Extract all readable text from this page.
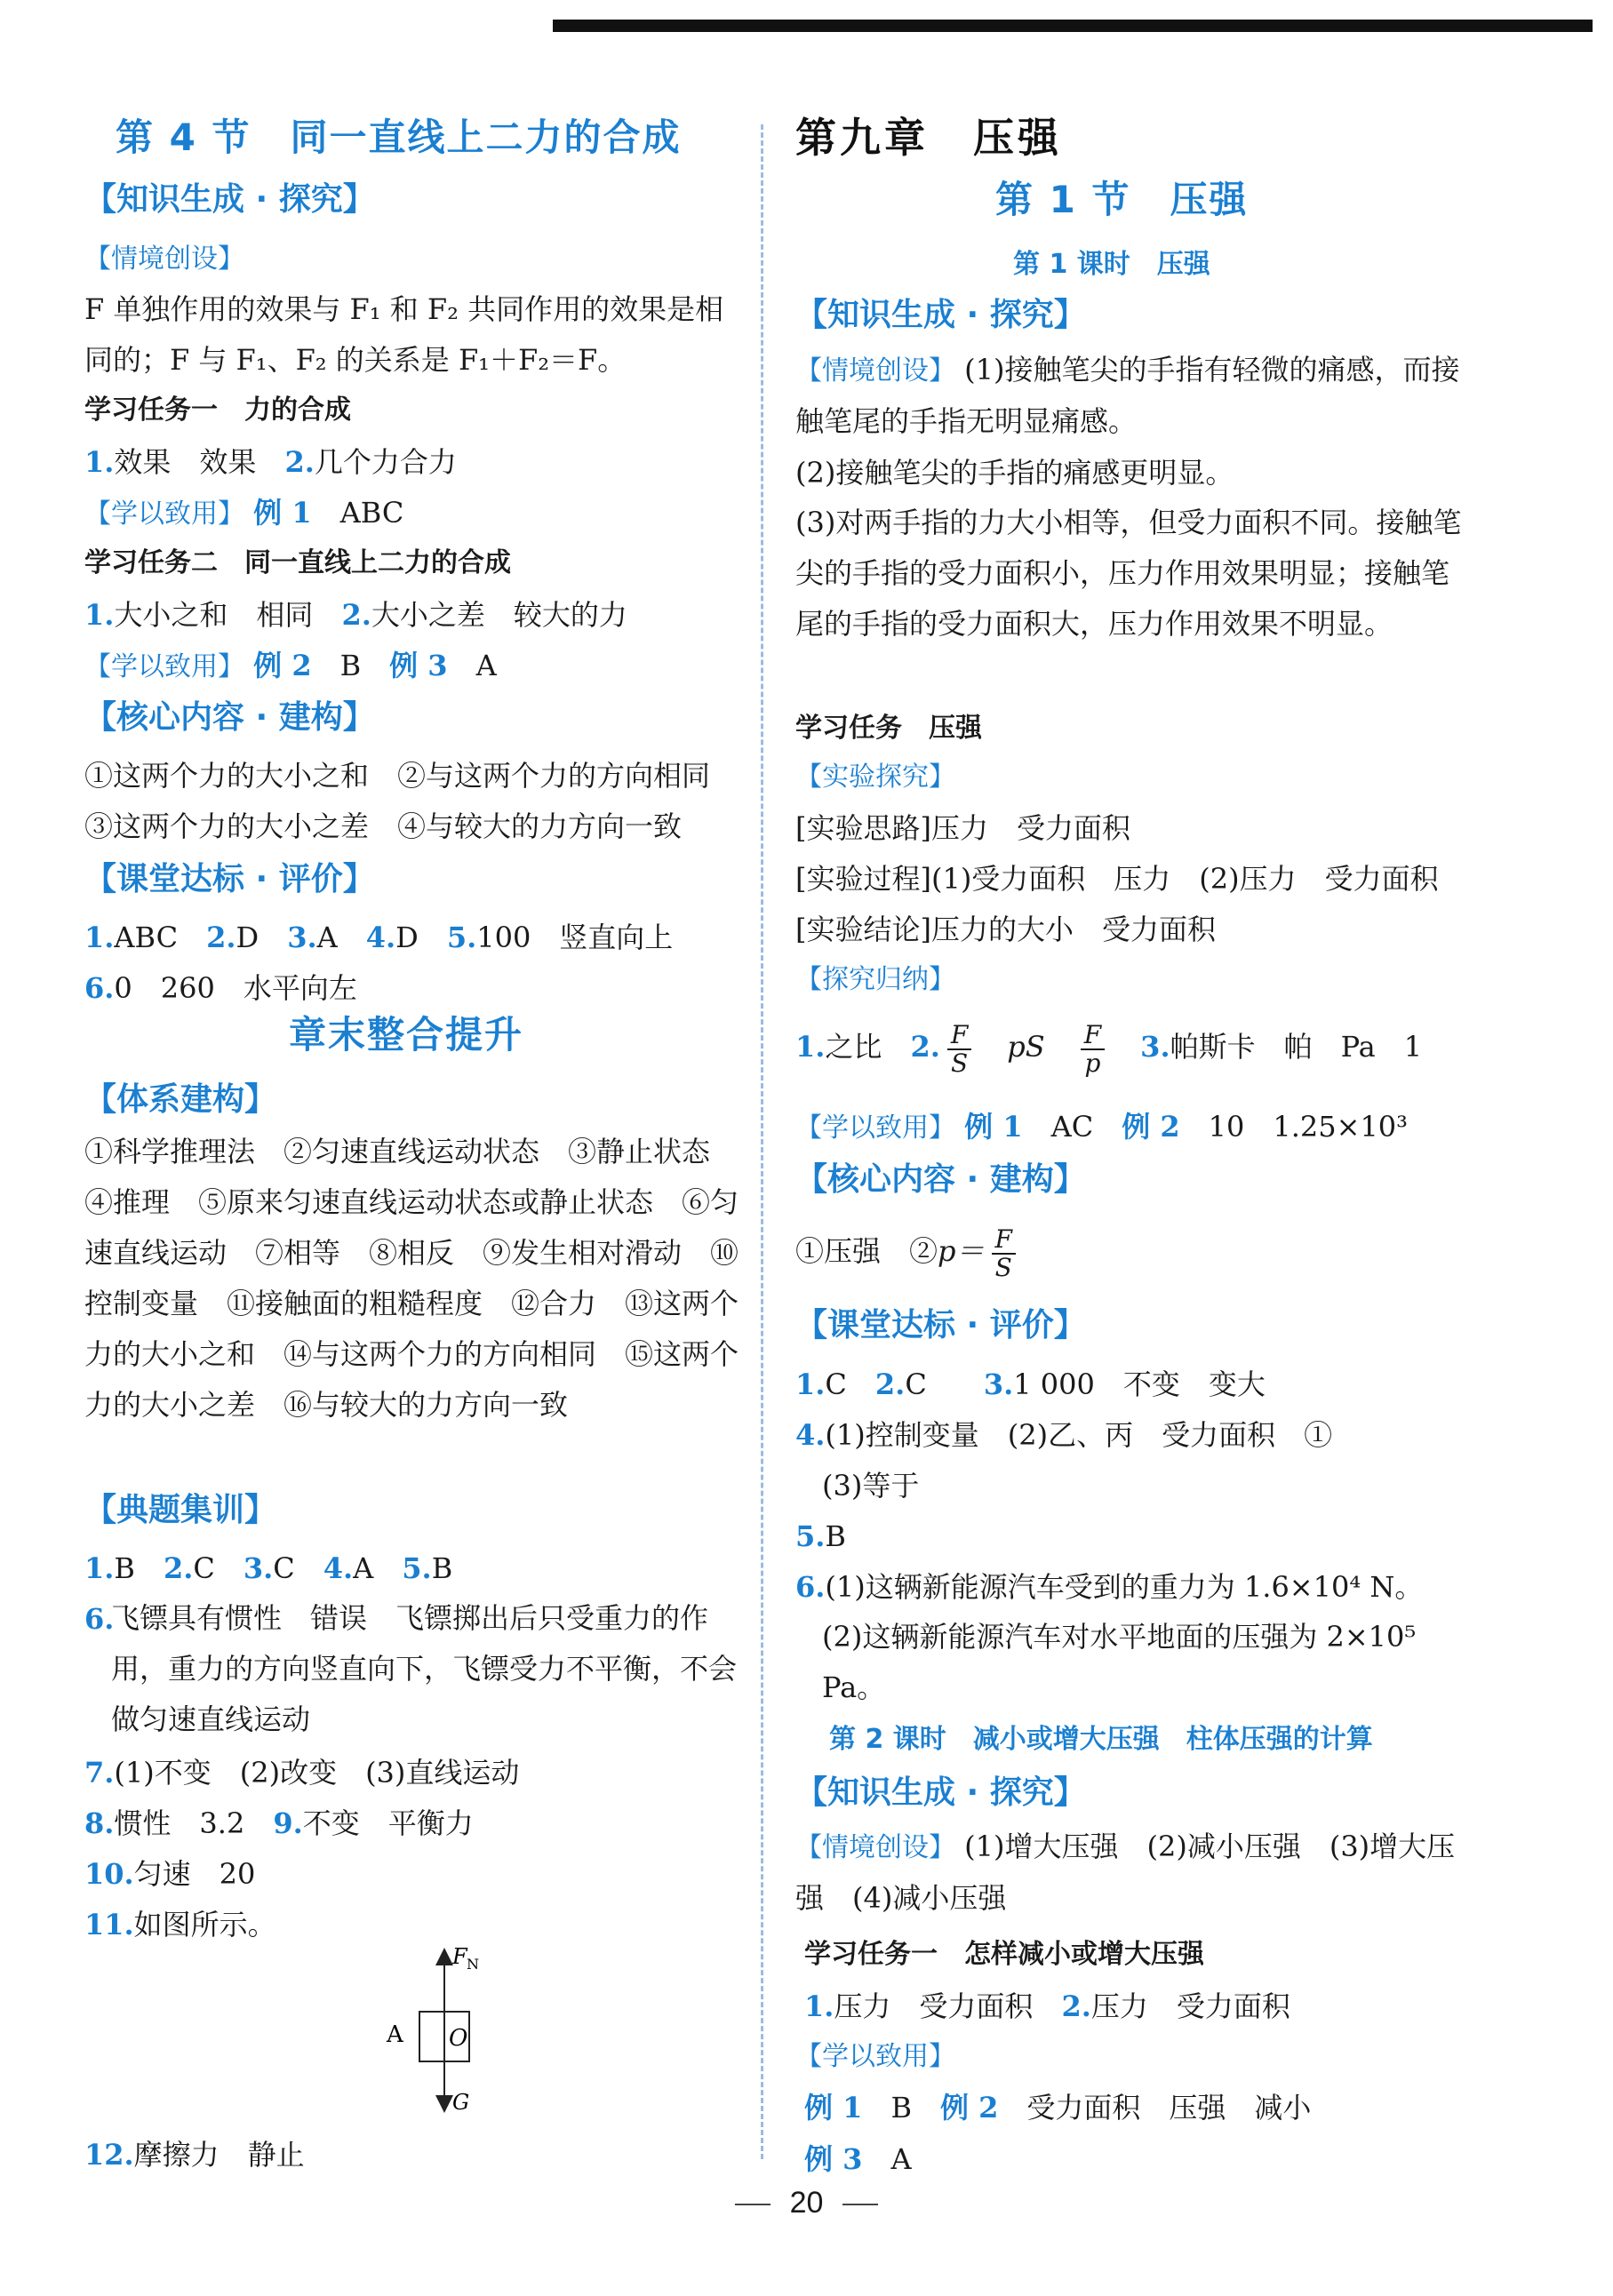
第 4 节　同一直线上二力的合成
【知识生成 · 探究】
【情境创设】
F 单独作用的效果与 F₁ 和 F₂ 共同作用的效果是相
同的；F 与 F₁、F₂ 的关系是 F₁＋F₂＝F。
学习任务一　力的合成
1.效果　效果　 2.几个力合力
【学以致用】 例 1　 ABC
学习任务二　同一直线上二力的合成
1.大小之和　相同　 2.大小之差　较大的力
【学以致用】 例 2　 B　 例 3　 A
【核心内容 · 建构】
①这两个力的大小之和　②与这两个力的方向相同
③这两个力的大小之差　④与较大的力方向一致
【课堂达标 · 评价】
1.ABC　 2.D　 3.A　 4.D　 5.100　竖直向上
6.0　260　水平向左
章末整合提升
【体系建构】
①科学推理法　②匀速直线运动状态　③静止状态　④推理　⑤原来匀速直线运动状态或静止状态　⑥匀速直线运动　⑦相等　⑧相反　⑨发生相对滑动　⑩控制变量　⑪接触面的粗糙程度　⑫合力　⑬这两个力的大小之和　⑭与这两个力的方向相同　⑮这两个力的大小之差　⑯与较大的力方向一致
【典题集训】
1.B　 2.C　 3.C　 4.A　 5.B
6.
飞镖具有惯性　错误　飞镖掷出后只受重力的作用，重力的方向竖直向下，飞镖受力不平衡，不会做匀速直线运动
7.(1)不变　(2)改变　(3)直线运动
8.惯性　3.2　 9.不变　平衡力
10.匀速　20
11.如图所示。
12.摩擦力　静止
A O
F N
G
第九章　压强
第 1 节　压强
第 1 课时　压强
【知识生成 · 探究】
【情境创设】 (1)接触笔尖的手指有轻微的痛感，而接触笔尾的手指无明显痛感。
(2)接触笔尖的手指的痛感更明显。
(3)对两手指的力大小相等，但受力面积不同。接触笔尖的手指的受力面积小，压力作用效果明显；接触笔尾的手指的受力面积大，压力作用效果不明显。
学习任务　压强
【实验探究】
[实验思路]压力　受力面积
[实验过程](1)受力面积　压力　(2)压力　受力面积
[实验结论]压力的大小　受力面积
【探究归纳】
1.之比　 2. $\frac{F}{S}$
　 pS　 $\frac{F}{p}$
　 3.帕斯卡　帕　Pa　1
【学以致用】 例 1　 AC　 例 2　 10　1.25×10³
【核心内容 · 建构】
①压强　②p＝ $\frac{F}{S}$
【课堂达标 · 评价】
1.C　 2.C　　 3.1 000　不变　变大
4.(1)控制变量　(2)乙、丙　受力面积　①
(3)等于
5.B
6.(1)这辆新能源汽车受到的重力为 1.6×10⁴ N。
(2)这辆新能源汽车对水平地面的压强为 2×10⁵ Pa。
第 2 课时　减小或增大压强　柱体压强的计算
【知识生成 · 探究】
【情境创设】 (1)增大压强　(2)减小压强　(3)增大压强　(4)减小压强
学习任务一　怎样减小或增大压强
1.压力　受力面积　 2.压力　受力面积
【学以致用】
例 1　 B　 例 2　 受力面积　压强　减小
例 3　 A
20
